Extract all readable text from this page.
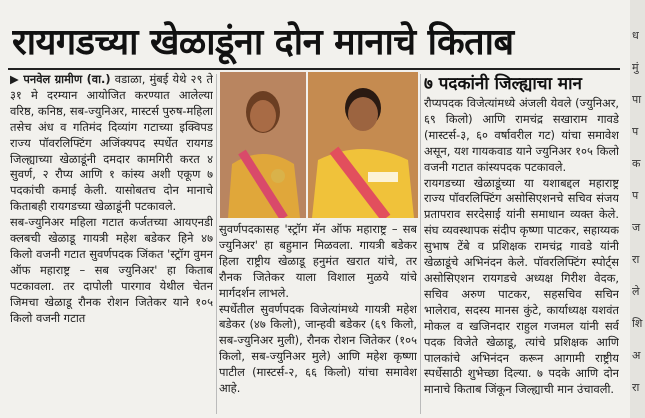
रायगडच्या खेळाडूंना दोन मानाचे किताब

▶ पनवेल ग्रामीण (वा.) वडाळा, मुंबई येथे २९ ते ३१ मे दरम्यान आयोजित करण्यात आलेल्या वरिष्ठ, कनिष्ठ, सब-ज्युनिअर, मास्टर्स पुरुष-महिला तसेच अंध व गतिमंद दिव्यांग गटाच्या इक्विपड राज्य पॉवरलिफ्टिंग अजिंक्यपद स्पर्धेत रायगड जिल्ह्याच्या खेळाडूंनी दमदार कामगिरी करत ४ सुवर्ण, २ रौप्य आणि १ कांस्य अशी एकूण ७ पदकांची कमाई केली. यासोबतच दोन मानाचे किताबही रायगडच्या खेळाडूंनी पटकावले.

सब-ज्युनिअर महिला गटात कर्जतच्या आयएनडी क्लबची खेळाडू गायत्री महेश बडेकर हिने ४७ किलो वजनी गटात सुवर्णपदक जिंकत 'स्ट्रॉग वुमन ऑफ महाराष्ट्र – सब ज्युनिअर' हा किताब पटकावला. तर दापोली पारगाव येथील चेतन जिमचा खेळाडू रौनक रोशन जितेकर याने १०५ किलो वजनी गटात

सुवर्णपदकासह 'स्ट्रॉग मॅन ऑफ महाराष्ट्र – सब ज्युनिअर' हा बहुमान मिळवला. गायत्री बडेकर हिला राष्ट्रीय खेळाडू हनुमंत खरात यांचे, तर रौनक जितेकर याला विशाल मुळये यांचे मार्गदर्शन लाभले.

स्पर्धेतील सुवर्णपदक विजेत्यांमध्ये गायत्री महेश बडेकर (४७ किलो), जान्हवी बडेकर (६९ किलो, सब-ज्युनिअर मुली), रौनक रोशन जितेकर (१०५ किलो, सब-ज्युनिअर मुले) आणि महेश कृष्णा पाटील (मास्टर्स-२, ६६ किलो) यांचा समावेश आहे.

७ पदकांनी जिल्ह्याचा मान

रौप्यपदक विजेत्यांमध्ये अंजली येवले (ज्युनिअर, ६९ किलो) आणि रामचंद्र सखाराम गावडे (मास्टर्स-३, ६० वर्षावरील गट) यांचा समावेश असून, यश गायकवाड याने ज्युनिअर १०५ किलो वजनी गटात कांस्यपदक पटकावले.

रायगडच्या खेळाडूंच्या या यशाबद्दल महाराष्ट्र राज्य पॉवरलिफ्टिंग असोसिएशनचे सचिव संजय प्रतापराव सरदेसाई यांनी समाधान व्यक्त केले. संघ व्यवस्थापक संदीप कृष्णा पाटकर, सहाय्यक सुभाष टेंबे व प्रशिक्षक रामचंद्र गावडे यांनी खेळाडूंचे अभिनंदन केले. पॉवरलिफ्टिंग स्पोर्ट्स असोसिएशन रायगडचे अध्यक्ष गिरीश वेदक, सचिव अरुण पाटकर, सहसचिव सचिन भालेराव, सदस्य मानस कुंटे, कार्याध्यक्ष यशवंत मोकल व खजिनदार राहुल गजमल यांनी सर्व पदक विजेते खेळाडू, त्यांचे प्रशिक्षक आणि पालकांचे अभिनंदन करून आगामी राष्ट्रीय स्पर्धेसाठी शुभेच्छा दिल्या. ७ पदके आणि दोन मानाचे किताब जिंकून जिल्ह्याची मान उंचावली.

ध
मुं
पा
प
क
प
ज
रा
ले
शि
अ
रा
